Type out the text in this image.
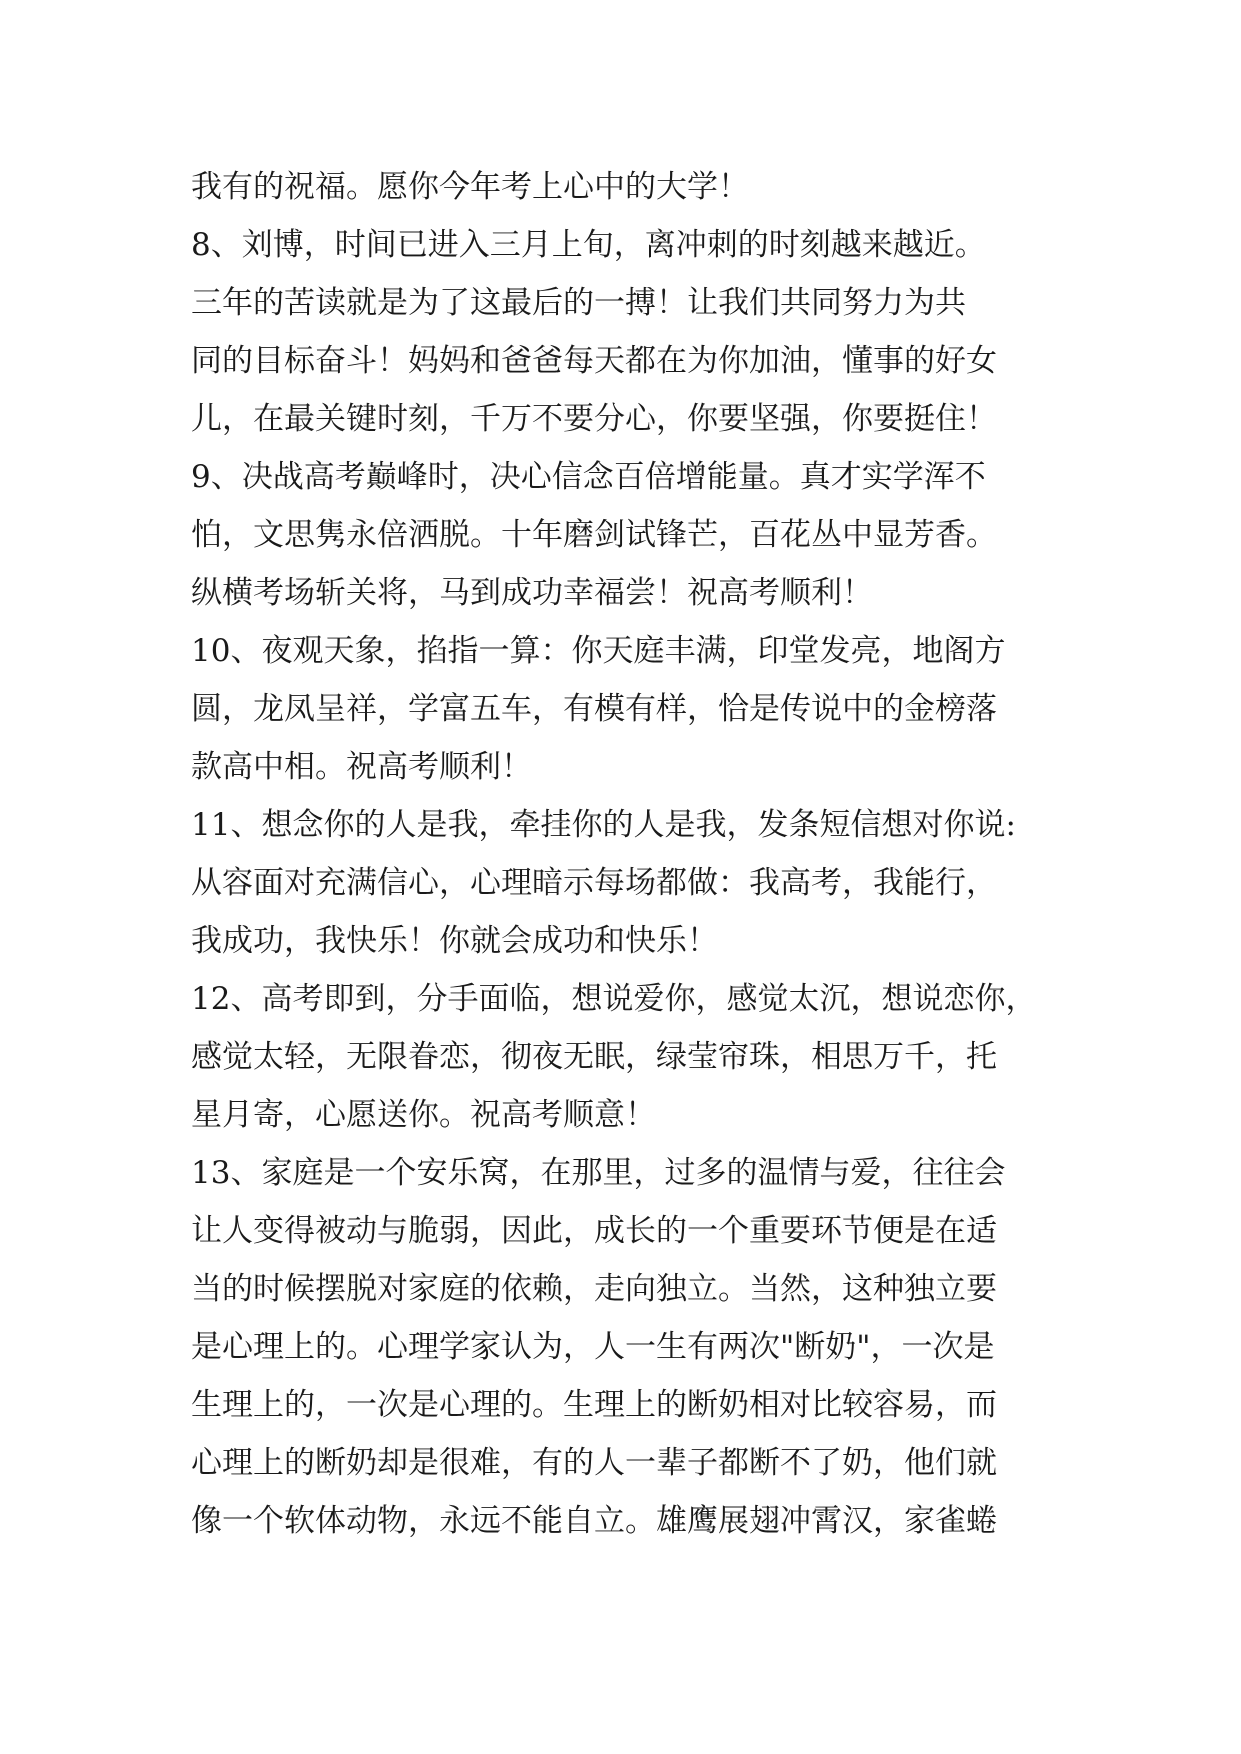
我有的祝福。愿你今年考上心中的大学！
8、刘博，时间已进入三月上旬，离冲刺的时刻越来越近。
三年的苦读就是为了这最后的一搏！让我们共同努力为共
同的目标奋斗！妈妈和爸爸每天都在为你加油，懂事的好女
儿，在最关键时刻，千万不要分心，你要坚强，你要挺住！
9、决战高考巅峰时，决心信念百倍增能量。真才实学浑不
怕，文思隽永倍洒脱。十年磨剑试锋芒，百花丛中显芳香。
纵横考场斩关将，马到成功幸福尝！祝高考顺利！
10、夜观天象，掐指一算：你天庭丰满，印堂发亮，地阁方
圆，龙凤呈祥，学富五车，有模有样，恰是传说中的金榜落
款高中相。祝高考顺利！
11、想念你的人是我，牵挂你的人是我，发条短信想对你说:
从容面对充满信心，心理暗示每场都做：我高考，我能行，
我成功，我快乐！你就会成功和快乐！
12、高考即到，分手面临，想说爱你，感觉太沉，想说恋你，
感觉太轻，无限眷恋，彻夜无眠，绿莹帘珠，相思万千，托
星月寄，心愿送你。祝高考顺意！
13、家庭是一个安乐窝，在那里，过多的温情与爱，往往会
让人变得被动与脆弱，因此，成长的一个重要环节便是在适
当的时候摆脱对家庭的依赖，走向独立。当然，这种独立要
是心理上的。心理学家认为，人一生有两次"断奶"，一次是
生理上的，一次是心理的。生理上的断奶相对比较容易，而
心理上的断奶却是很难，有的人一辈子都断不了奶，他们就
像一个软体动物，永远不能自立。雄鹰展翅冲霄汉，家雀蜷
